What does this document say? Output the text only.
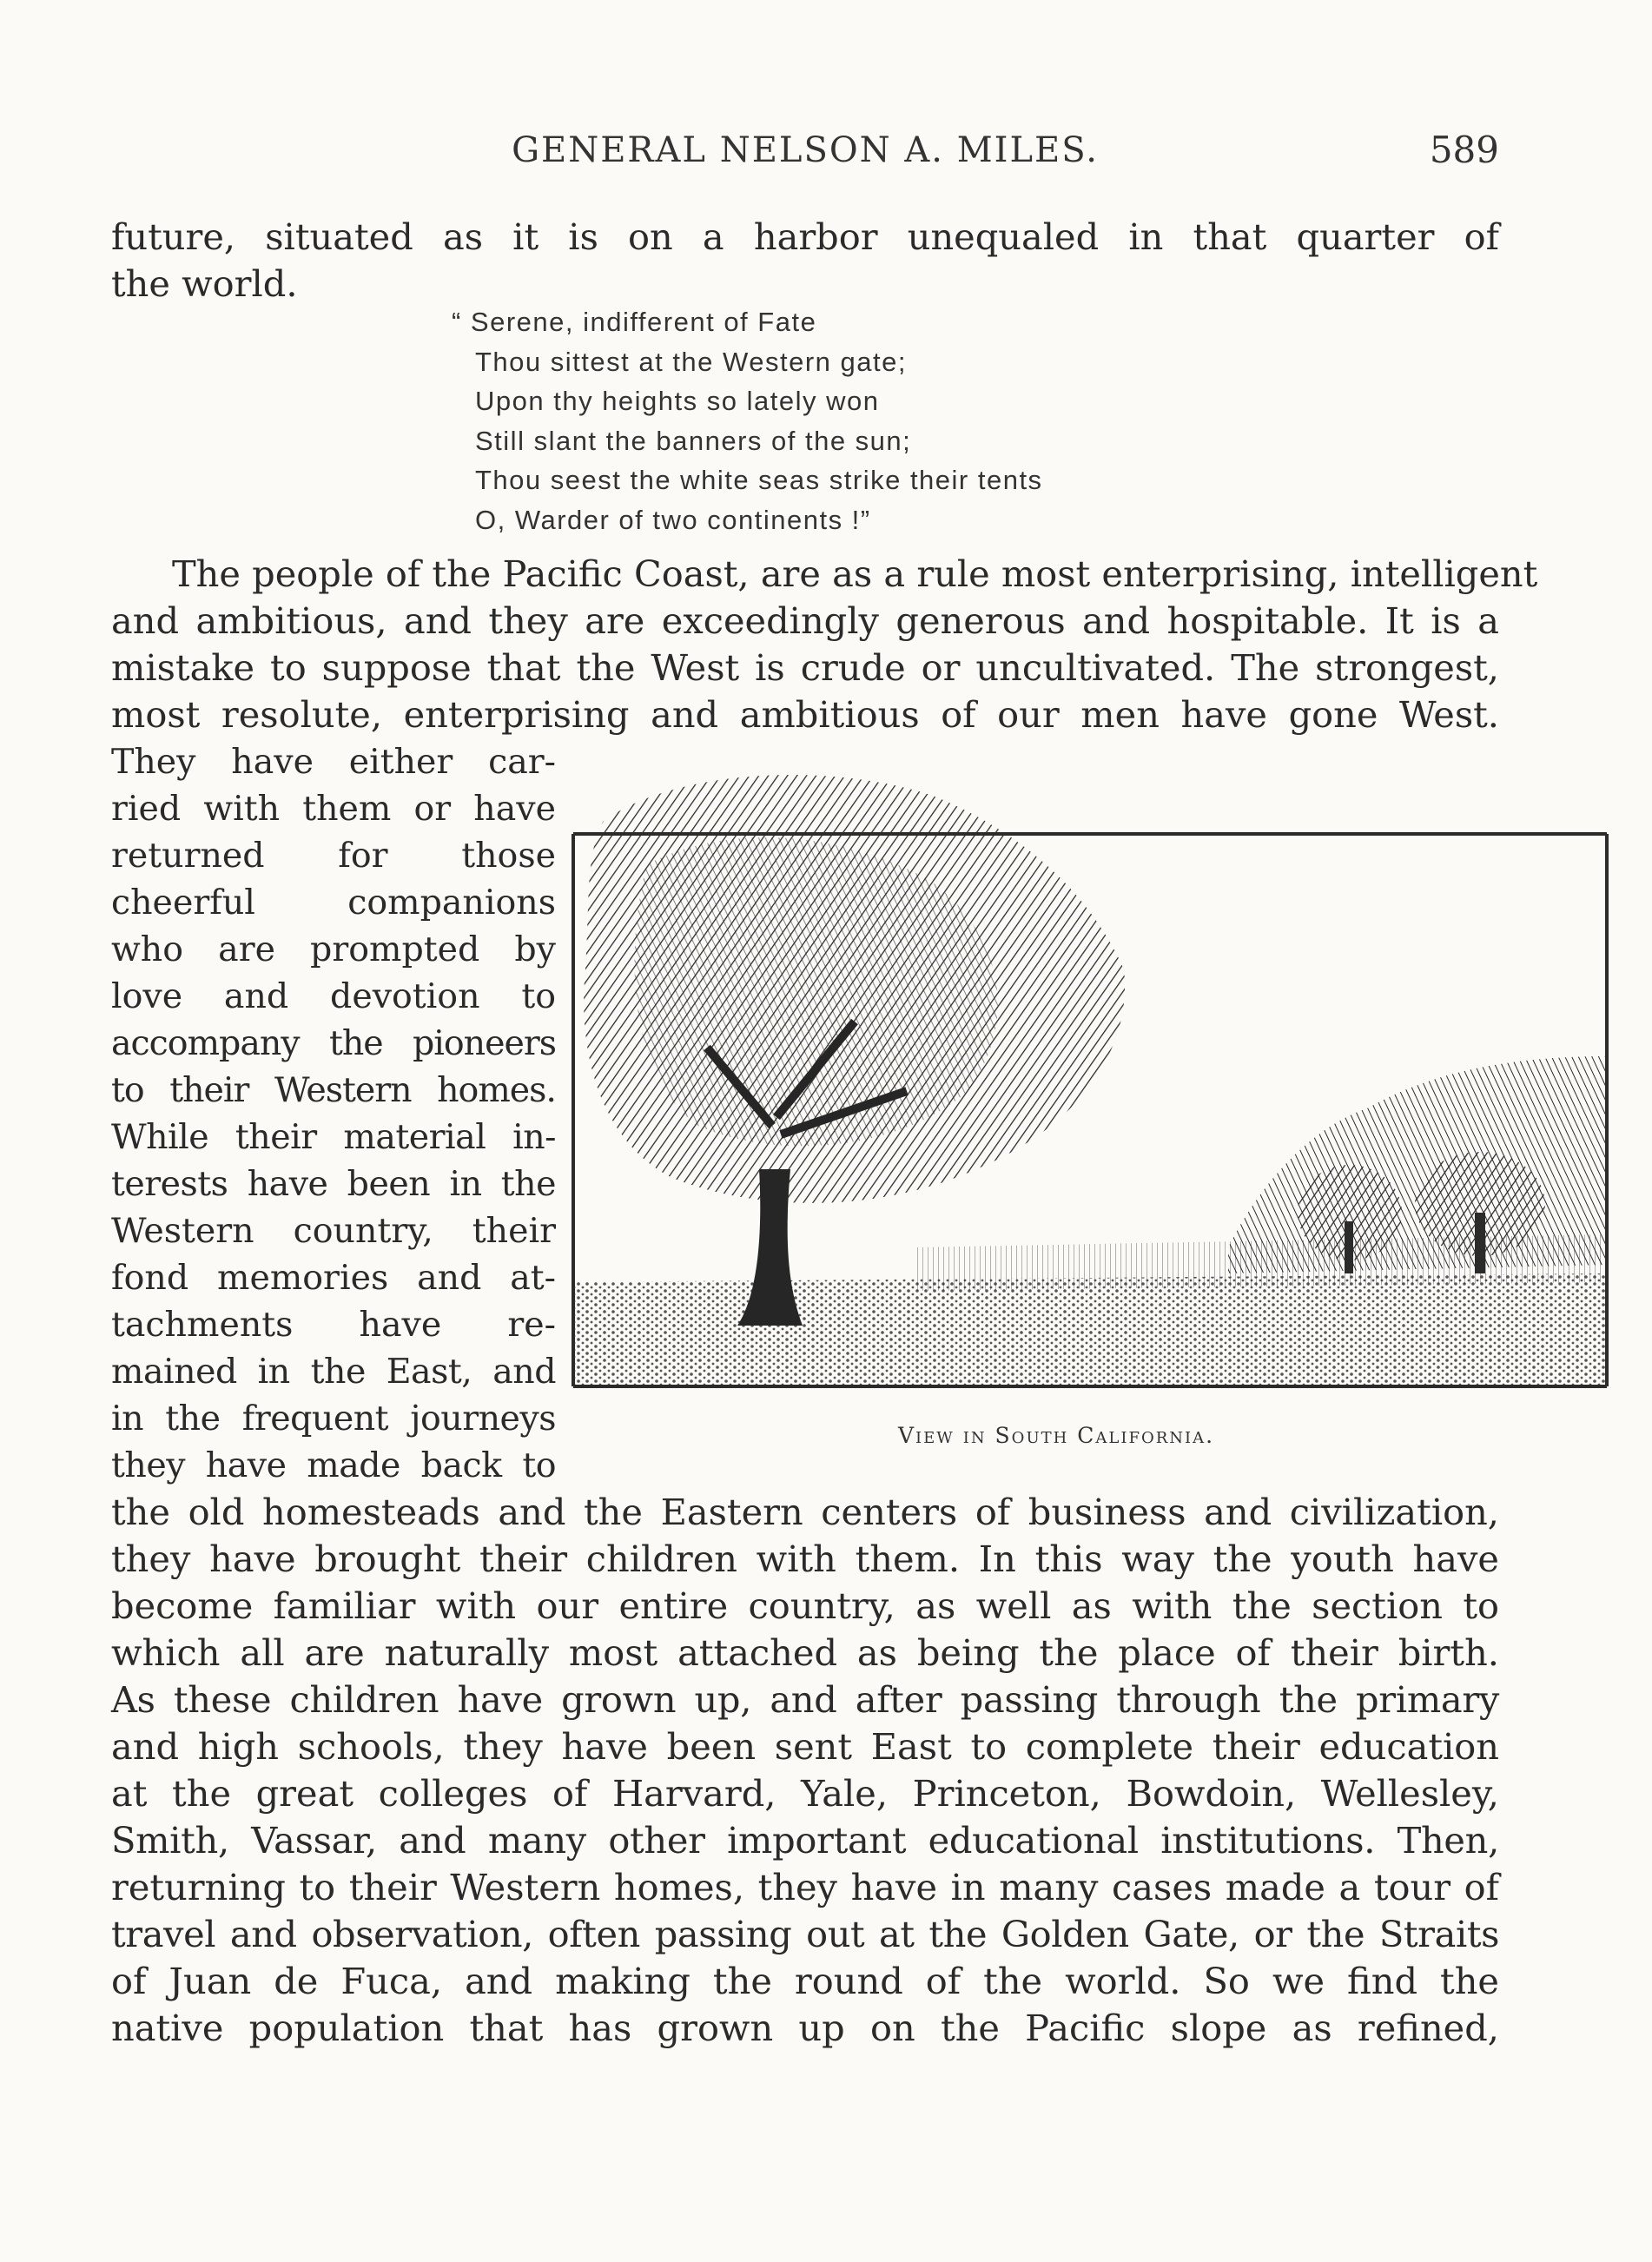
GENERAL NELSON A. MILES.	589
future, situated as it is on a harbor unequaled in that quarter of
the world.
“ Serene, indifferent of Fate
Thou sittest at the Western gate;
Upon thy heights so lately won
Still slant the banners of the sun;
Thou seest the white seas strike their tents
O, Warder of two continents !”
The people of the Pacific Coast, are as a rule most enterprising, intelligent
and ambitious, and they are exceedingly generous and hospitable. It is a
mistake to suppose that the West is crude or uncultivated. The strongest,
most resolute, enterprising and ambitious of our men have gone West.
They have either car-
ried with them or have
returned for those
cheerful companions
who are prompted by
love and devotion to
accompany the pioneers
to their Western homes.
While their material in-
terests have been in the
Western country, their
fond memories and at-
tachments have re-
mained in the East, and
in the frequent journeys
they have made back to
View in South California.
the old homesteads and the Eastern centers of business and civilization,
they have brought their children with them. In this way the youth have
become familiar with our entire country, as well as with the section to
which all are naturally most attached as being the place of their birth.
As these children have grown up, and after passing through the primary
and high schools, they have been sent East to complete their education
at the great colleges of Harvard, Yale, Princeton, Bowdoin, Wellesley,
Smith, Vassar, and many other important educational institutions. Then,
returning to their Western homes, they have in many cases made a tour of
travel and observation, often passing out at the Golden Gate, or the Straits
of Juan de Fuca, and making the round of the world. So we find the
native population that has grown up on the Pacific slope as refined,
